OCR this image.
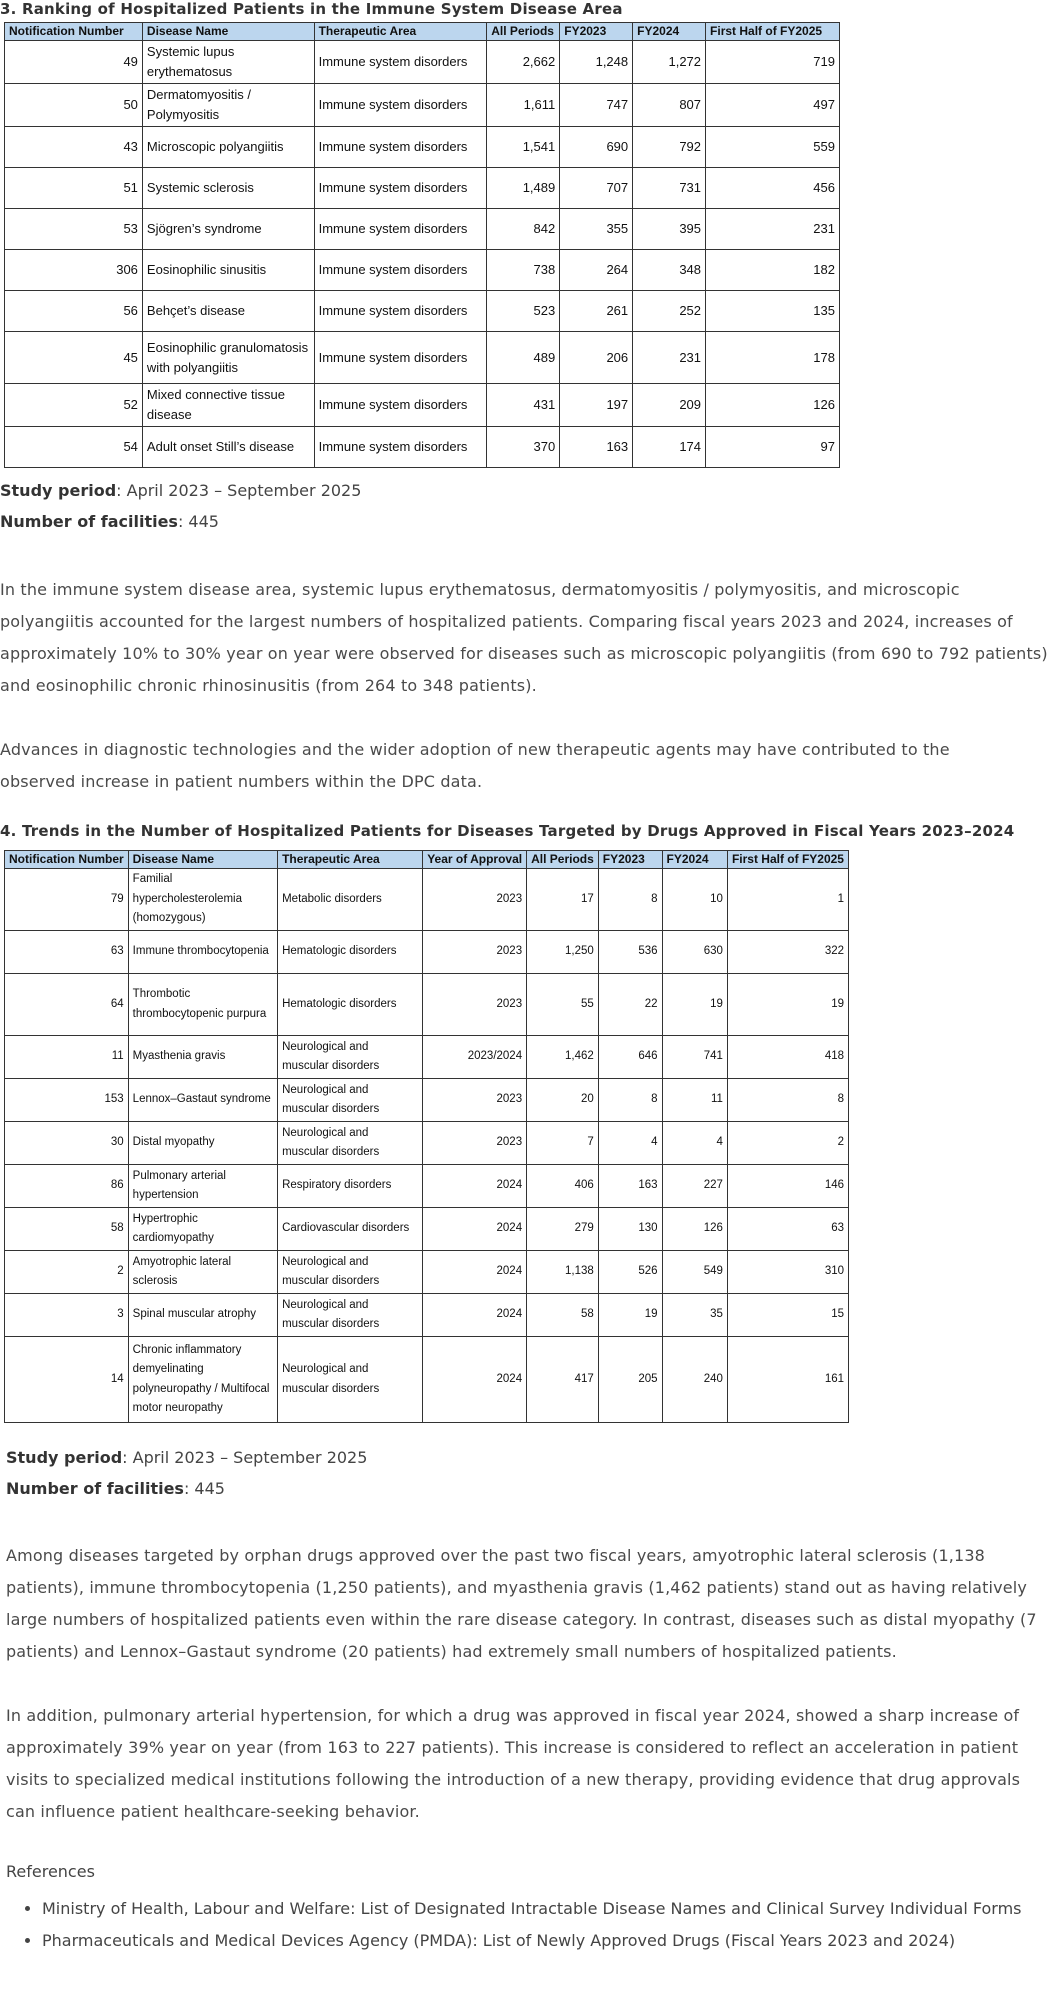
3. Ranking of Hospitalized Patients in the Immune System Disease Area
Notification Number	Disease Name	Therapeutic Area	All Periods	FY2023	FY2024	First Half of FY2025
49	Systemic lupus erythematosus	Immune system disorders	2,662	1,248	1,272	719
50	Dermatomyositis / Polymyositis	Immune system disorders	1,611	747	807	497
43	Microscopic polyangiitis	Immune system disorders	1,541	690	792	559
51	Systemic sclerosis	Immune system disorders	1,489	707	731	456
53	Sjögren’s syndrome	Immune system disorders	842	355	395	231
306	Eosinophilic sinusitis	Immune system disorders	738	264	348	182
56	Behçet’s disease	Immune system disorders	523	261	252	135
45	Eosinophilic granulomatosis with polyangiitis	Immune system disorders	489	206	231	178
52	Mixed connective tissue disease	Immune system disorders	431	197	209	126
54	Adult onset Still’s disease	Immune system disorders	370	163	174	97
Study period: April 2023 – September 2025
Number of facilities: 445

In the immune system disease area, systemic lupus erythematosus, dermatomyositis / polymyositis, and microscopic polyangiitis accounted for the largest numbers of hospitalized patients. Comparing fiscal years 2023 and 2024, increases of approximately 10% to 30% year on year were observed for diseases such as microscopic polyangiitis (from 690 to 792 patients) and eosinophilic chronic rhinosinusitis (from 264 to 348 patients).

Advances in diagnostic technologies and the wider adoption of new therapeutic agents may have contributed to the observed increase in patient numbers within the DPC data.

4. Trends in the Number of Hospitalized Patients for Diseases Targeted by Drugs Approved in Fiscal Years 2023–2024
Notification Number	Disease Name	Therapeutic Area	Year of Approval	All Periods	FY2023	FY2024	First Half of FY2025
79	Familial hypercholesterolemia (homozygous)	Metabolic disorders	2023	17	8	10	1
63	Immune thrombocytopenia	Hematologic disorders	2023	1,250	536	630	322
64	Thrombotic thrombocytopenic purpura	Hematologic disorders	2023	55	22	19	19
11	Myasthenia gravis	Neurological and muscular disorders	2023/2024	1,462	646	741	418
153	Lennox–Gastaut syndrome	Neurological and muscular disorders	2023	20	8	11	8
30	Distal myopathy	Neurological and muscular disorders	2023	7	4	4	2
86	Pulmonary arterial hypertension	Respiratory disorders	2024	406	163	227	146
58	Hypertrophic cardiomyopathy	Cardiovascular disorders	2024	279	130	126	63
2	Amyotrophic lateral sclerosis	Neurological and muscular disorders	2024	1,138	526	549	310
3	Spinal muscular atrophy	Neurological and muscular disorders	2024	58	19	35	15
14	Chronic inflammatory demyelinating polyneuropathy / Multifocal motor neuropathy	Neurological and muscular disorders	2024	417	205	240	161
Study period: April 2023 – September 2025
Number of facilities: 445

Among diseases targeted by orphan drugs approved over the past two fiscal years, amyotrophic lateral sclerosis (1,138 patients), immune thrombocytopenia (1,250 patients), and myasthenia gravis (1,462 patients) stand out as having relatively large numbers of hospitalized patients even within the rare disease category. In contrast, diseases such as distal myopathy (7 patients) and Lennox–Gastaut syndrome (20 patients) had extremely small numbers of hospitalized patients.

In addition, pulmonary arterial hypertension, for which a drug was approved in fiscal year 2024, showed a sharp increase of approximately 39% year on year (from 163 to 227 patients). This increase is considered to reflect an acceleration in patient visits to specialized medical institutions following the introduction of a new therapy, providing evidence that drug approvals can influence patient healthcare-seeking behavior.

References
• Ministry of Health, Labour and Welfare: List of Designated Intractable Disease Names and Clinical Survey Individual Forms
• Pharmaceuticals and Medical Devices Agency (PMDA): List of Newly Approved Drugs (Fiscal Years 2023 and 2024)
